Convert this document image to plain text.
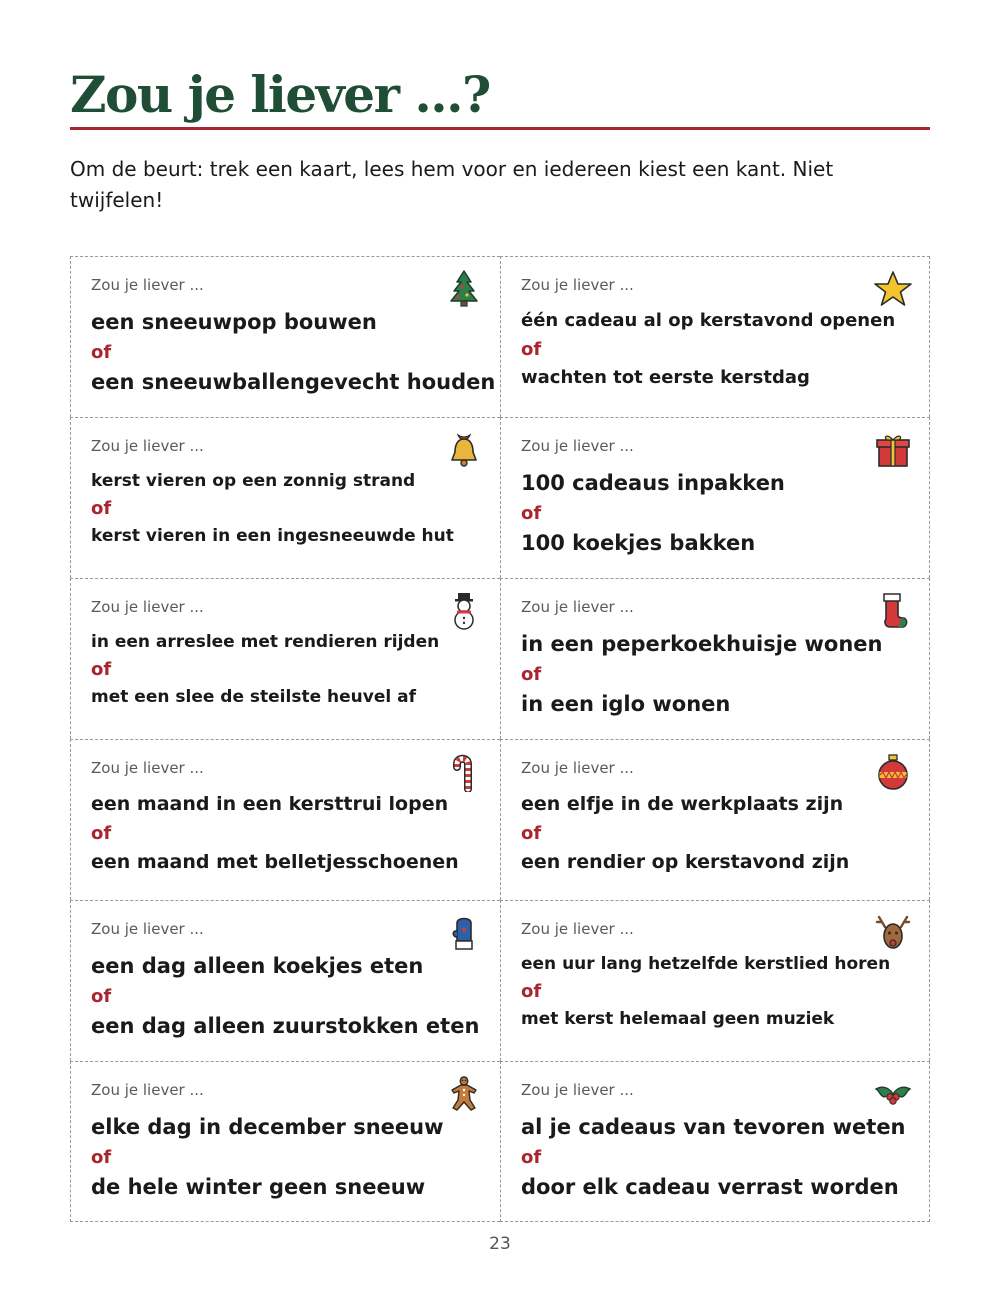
Zou je liever ...?

Om de beurt: trek een kaart, lees hem voor en iedereen kiest een kant. Niet twijfelen!

Zou je liever ...
een sneeuwpop bouwen
of
een sneeuwballengevecht houden
Zou je liever ...
één cadeau al op kerstavond openen
of
wachten tot eerste kerstdag
Zou je liever ...
kerst vieren op een zonnig strand
of
kerst vieren in een ingesneeuwde hut
Zou je liever ...
100 cadeaus inpakken
of
100 koekjes bakken
Zou je liever ...
in een arreslee met rendieren rijden
of
met een slee de steilste heuvel af
Zou je liever ...
in een peperkoekhuisje wonen
of
in een iglo wonen
Zou je liever ...
een maand in een kersttrui lopen
of
een maand met belletjesschoenen
Zou je liever ...
een elfje in de werkplaats zijn
of
een rendier op kerstavond zijn
Zou je liever ...
een dag alleen koekjes eten
of
een dag alleen zuurstokken eten
Zou je liever ...
een uur lang hetzelfde kerstlied horen
of
met kerst helemaal geen muziek
Zou je liever ...
elke dag in december sneeuw
of
de hele winter geen sneeuw
Zou je liever ...
al je cadeaus van tevoren weten
of
door elk cadeau verrast worden
23
